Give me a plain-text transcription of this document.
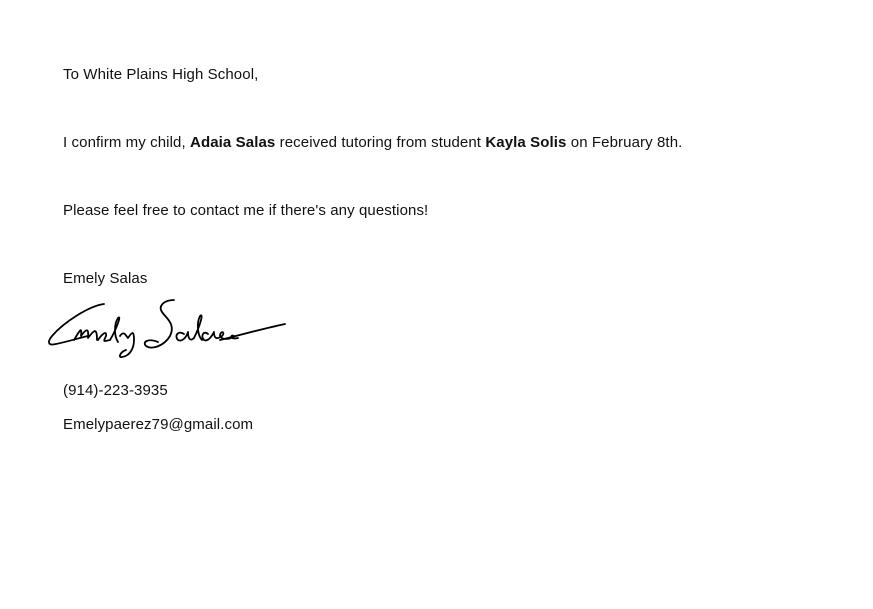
To White Plains High School,
I confirm my child, Adaia Salas received tutoring from student Kayla Solis on February 8th.
Please feel free to contact me if there's any questions!
Emely Salas
(914)-223-3935
Emelypaerez79@gmail.com
